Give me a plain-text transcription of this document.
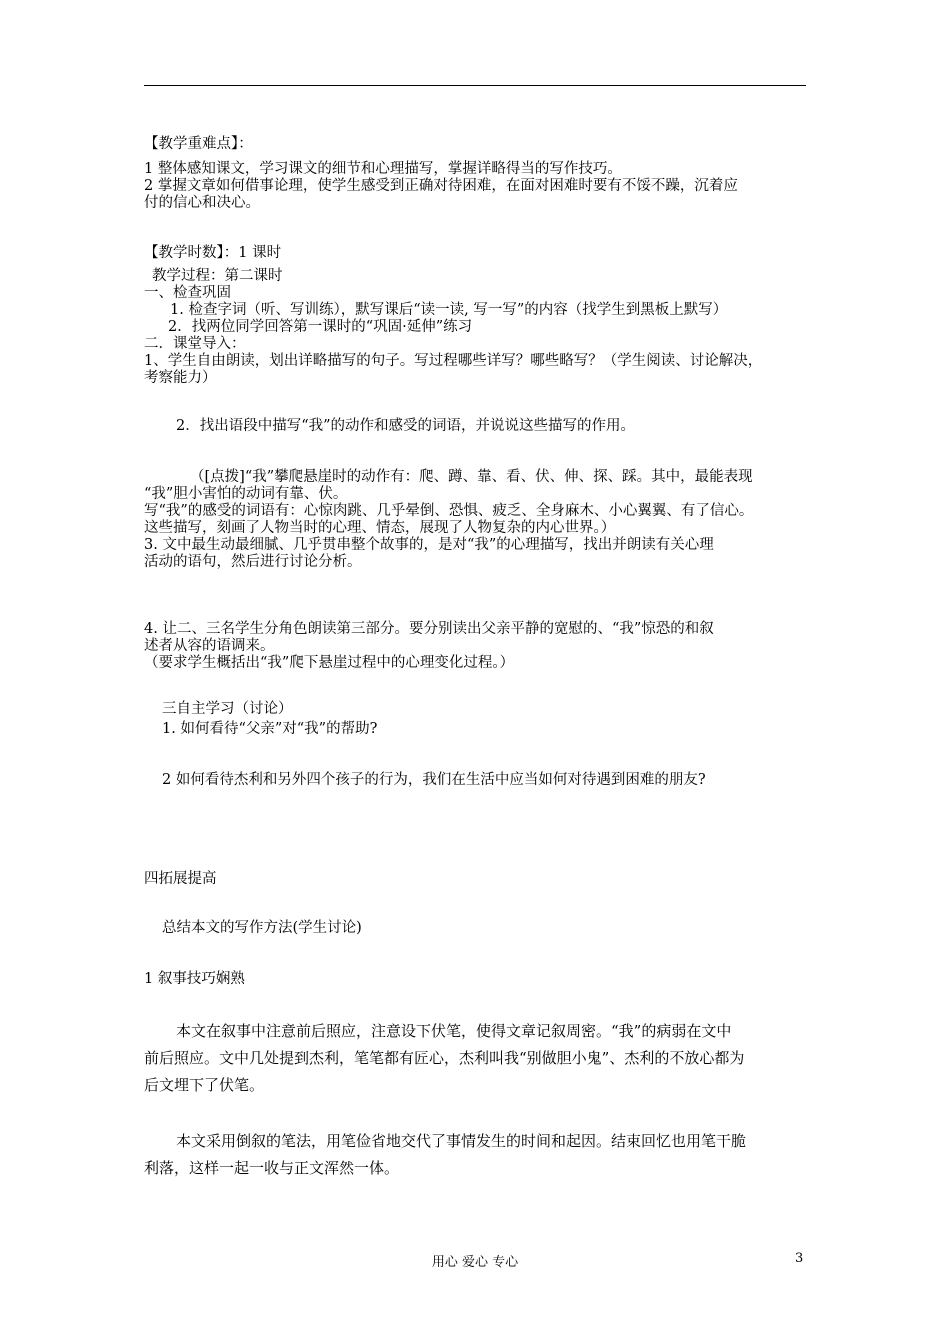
【教学重难点】：
1 整体感知课文，学习课文的细节和心理描写，掌握详略得当的写作技巧。
2 掌握文章如何借事论理，使学生感受到正确对待困难，在面对困难时要有不馁不躁，沉着应
付的信心和决心。
【教学时数】：1 课时
教学过程：第二课时
一、检查巩固
1. 检查字词（听、写训练），默写课后“读一读, 写一写”的内容（找学生到黑板上默写）
2．找两位同学回答第一课时的“巩固·延伸”练习
二．课堂导入：
1、学生自由朗读，划出详略描写的句子。写过程哪些详写？哪些略写？（学生阅读、讨论解决，
考察能力）
2．找出语段中描写“我”的动作和感受的词语，并说说这些描写的作用。
（[点拨]“我”攀爬悬崖时的动作有：爬、蹲、靠、看、伏、伸、探、踩。其中，最能表现
“我”胆小害怕的动词有靠、伏。
写“我”的感受的词语有：心惊肉跳、几乎晕倒、恐惧、疲乏、全身麻木、小心翼翼、有了信心。
这些描写，刻画了人物当时的心理、情态，展现了人物复杂的内心世界。）
3. 文中最生动最细腻、几乎贯串整个故事的，是对“我”的心理描写，找出并朗读有关心理
活动的语句，然后进行讨论分析。
4. 让二、三名学生分角色朗读第三部分。要分别读出父亲平静的宽慰的、“我”惊恐的和叙
述者从容的语调来。
（要求学生概括出“我”爬下悬崖过程中的心理变化过程。）
三自主学习（讨论）
1. 如何看待“父亲”对“我”的帮助?
2 如何看待杰利和另外四个孩子的行为，我们在生活中应当如何对待遇到困难的朋友?
四拓展提高
总结本文的写作方法(学生讨论)
1 叙事技巧娴熟
本文在叙事中注意前后照应，注意设下伏笔，使得文章记叙周密。“我”的病弱在文中
前后照应。文中几处提到杰利，笔笔都有匠心，杰利叫我“别做胆小鬼”、杰利的不放心都为
后文埋下了伏笔。
本文采用倒叙的笔法，用笔俭省地交代了事情发生的时间和起因。结束回忆也用笔干脆
利落，这样一起一收与正文浑然一体。
用心 爱心 专心	3
